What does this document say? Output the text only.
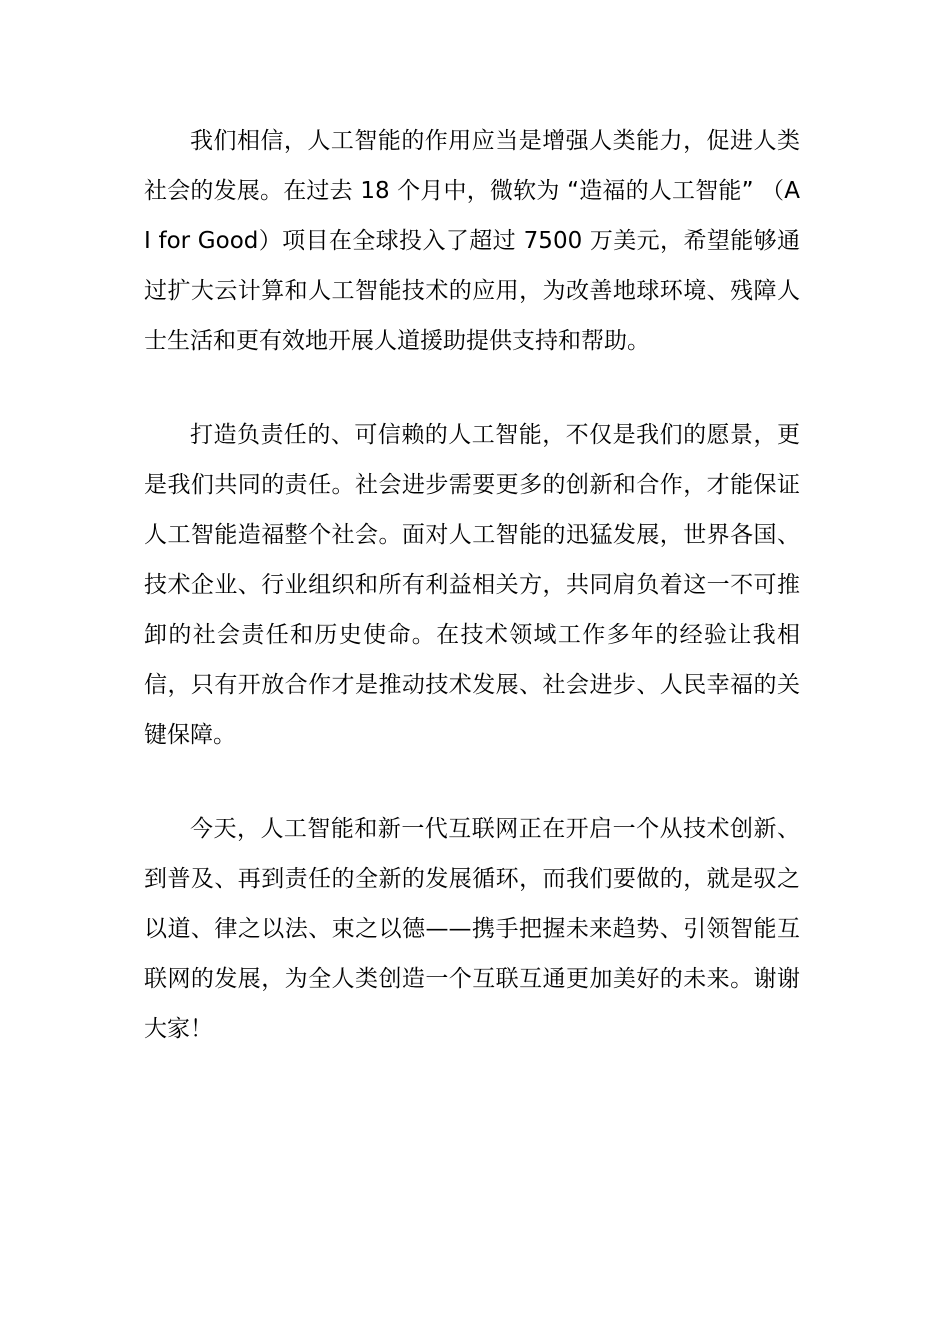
我们相信，人工智能的作用应当是增强人类能力，促进人类社会的发展。在过去 18 个月中，微软为 “造福的人工智能” （AI for Good）项目在全球投入了超过 7500 万美元，希望能够通过扩大云计算和人工智能技术的应用，为改善地球环境、残障人士生活和更有效地开展人道援助提供支持和帮助。

打造负责任的、可信赖的人工智能，不仅是我们的愿景，更是我们共同的责任。社会进步需要更多的创新和合作，才能保证人工智能造福整个社会。面对人工智能的迅猛发展，世界各国、技术企业、行业组织和所有利益相关方，共同肩负着这一不可推卸的社会责任和历史使命。在技术领域工作多年的经验让我相信，只有开放合作才是推动技术发展、社会进步、人民幸福的关键保障。

今天，人工智能和新一代互联网正在开启一个从技术创新、到普及、再到责任的全新的发展循环，而我们要做的，就是驭之以道、律之以法、束之以德——携手把握未来趋势、引领智能互联网的发展，为全人类创造一个互联互通更加美好的未来。谢谢大家！
